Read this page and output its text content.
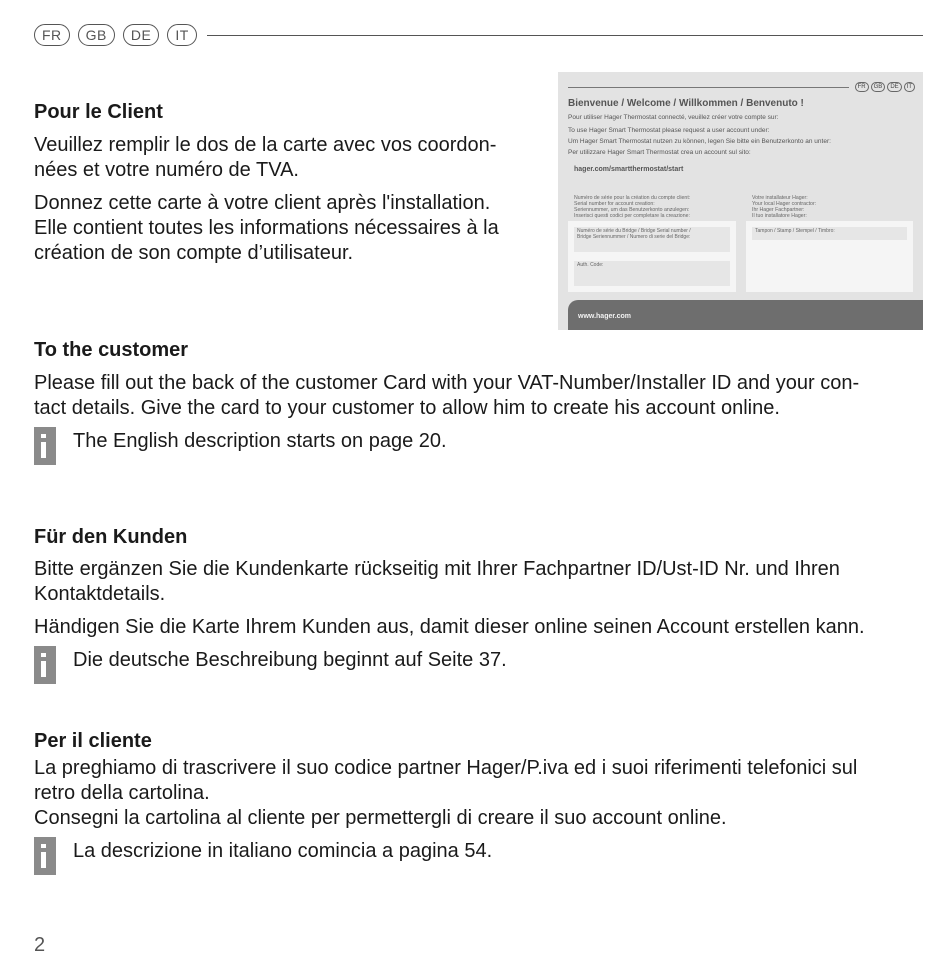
FR	GB	DE	IT
FR	GB	DE	IT
Bienvenue / Welcome / Willkommen / Benvenuto !
Pour utiliser Hager Thermostat connecté, veuillez créer votre compte sur:
To use Hager Smart Thermostat please request a user account under:
Um Hager Smart Thermostat nutzen zu können, legen Sie bitte ein Benutzerkonto an unter:
Per utilizzare Hager Smart Thermostat crea un account sul sito:
hager.com/smartthermostat/start
Numéro de série pour la création du compte client:
Serial number for account creation:
Seriennummer, um das Benutzerkonto anzulegen:
Inserisci questi codici per completare la creazione:
Votre installateur Hager:
Your local Hager contractor:
Ihr Hager Fachpartner:
Il tuo installatore Hager:
Numéro de série du Bridge / Bridge Serial number /
Bridge Seriennummer / Numero di serie del Bridge:
Auth. Code:
Tampon / Stamp / Stempel / Timbro:
www.hager.com
Pour le Client

Veuillez remplir le dos de la carte avec vos coordon-
nées et votre numéro de TVA.

Donnez cette carte à votre client après l'installation.
Elle contient toutes les informations nécessaires à la
création de son compte d’utilisateur.

To the customer

Please fill out the back of the customer Card with your VAT-Number/Installer ID and your con-
tact details. Give the card to your customer to allow him to create his account online.

The English description starts on page 20.
Für den Kunden

Bitte ergänzen Sie die Kundenkarte rückseitig mit Ihrer Fachpartner ID/Ust-ID Nr. und Ihren
Kontaktdetails.

Händigen Sie die Karte Ihrem Kunden aus, damit dieser online seinen Account erstellen kann.

Die deutsche Beschreibung beginnt auf Seite 37.
Per il cliente

La preghiamo di trascrivere il suo codice partner Hager/P.iva ed i suoi riferimenti telefonici sul
retro della cartolina.

Consegni la cartolina al cliente per permettergli di creare il suo account online.

La descrizione in italiano comincia a pagina 54.
2
